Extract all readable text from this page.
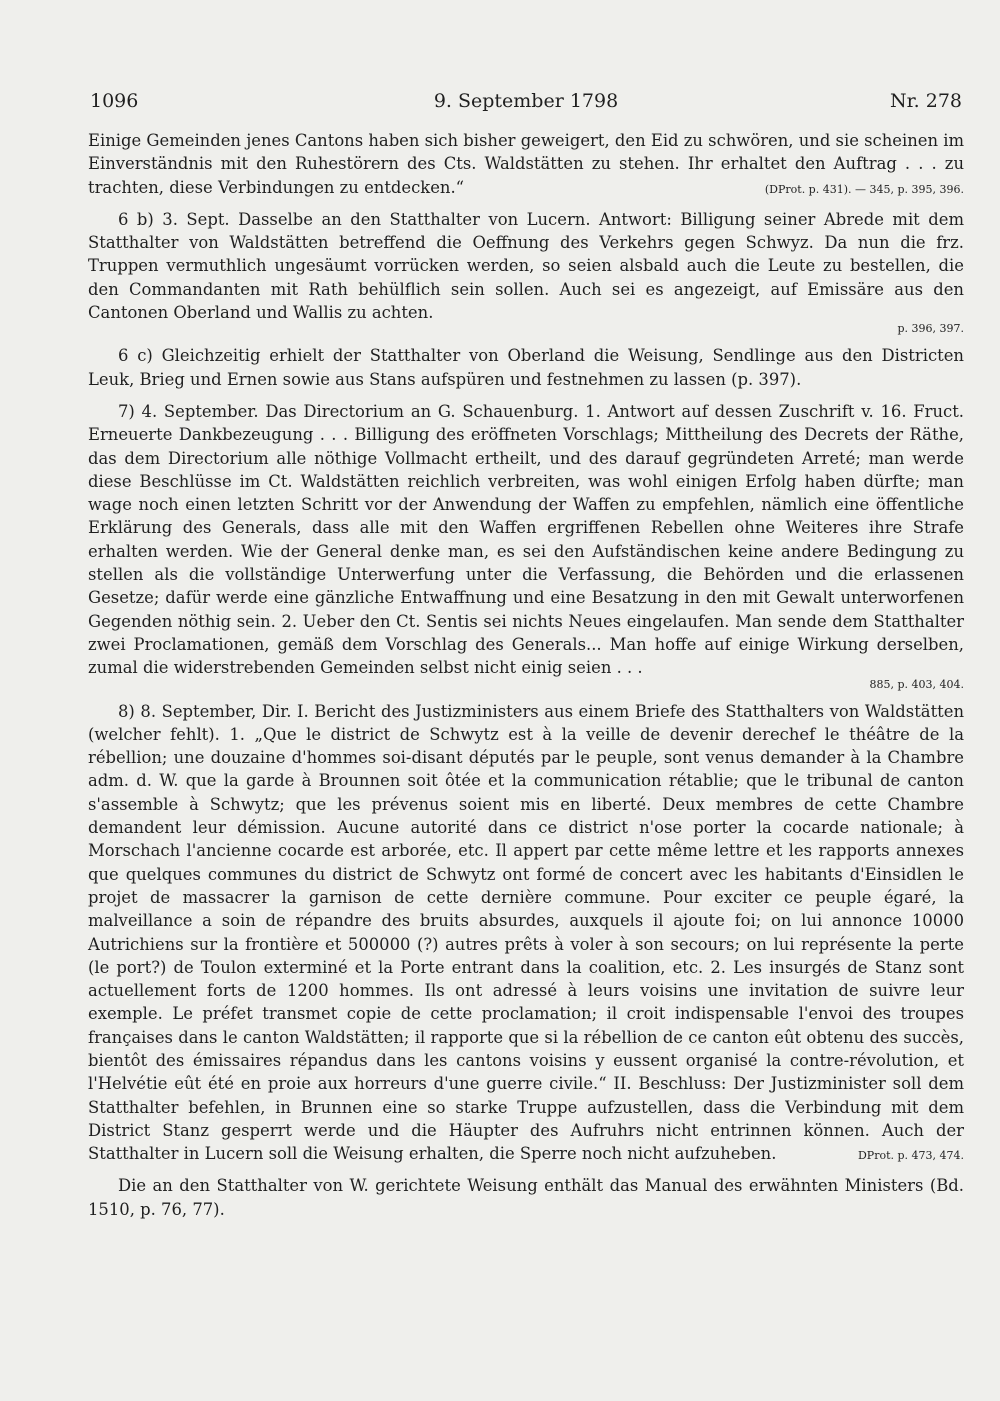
1096	9. September 1798	Nr. 278

Einige Gemeinden jenes Cantons haben sich bisher geweigert, den Eid zu schwören, und sie scheinen im Einverständnis mit den Ruhestörern des Cts. Waldstätten zu stehen. Ihr erhaltet den Auftrag . . . zu trachten, diese Verbindungen zu entdecken.“	(DProt. p. 431). — 345, p. 395, 396.

6 b) 3. Sept. Dasselbe an den Statthalter von Lucern. Antwort: Billigung seiner Abrede mit dem Statthalter von Waldstätten betreffend die Oeffnung des Verkehrs gegen Schwyz. Da nun die frz. Truppen vermuthlich ungesäumt vorrücken werden, so seien alsbald auch die Leute zu bestellen, die den Commandanten mit Rath behülflich sein sollen. Auch sei es angezeigt, auf Emissäre aus den Cantonen Oberland und Wallis zu achten.
p. 396, 397.

6 c) Gleichzeitig erhielt der Statthalter von Oberland die Weisung, Sendlinge aus den Districten Leuk, Brieg und Ernen sowie aus Stans aufspüren und festnehmen zu lassen (p. 397).

7) 4. September. Das Directorium an G. Schauenburg. 1. Antwort auf dessen Zuschrift v. 16. Fruct. Erneuerte Dankbezeugung . . . Billigung des eröffneten Vorschlags; Mittheilung des Decrets der Räthe, das dem Directorium alle nöthige Vollmacht ertheilt, und des darauf gegründeten Arreté; man werde diese Beschlüsse im Ct. Waldstätten reichlich verbreiten, was wohl einigen Erfolg haben dürfte; man wage noch einen letzten Schritt vor der Anwendung der Waffen zu empfehlen, nämlich eine öffentliche Erklärung des Generals, dass alle mit den Waffen ergriffenen Rebellen ohne Weiteres ihre Strafe erhalten werden. Wie der General denke man, es sei den Aufständischen keine andere Bedingung zu stellen als die vollständige Unterwerfung unter die Verfassung, die Behörden und die erlassenen Gesetze; dafür werde eine gänzliche Entwaffnung und eine Besatzung in den mit Gewalt unterworfenen Gegenden nöthig sein. 2. Ueber den Ct. Sentis sei nichts Neues eingelaufen. Man sende dem Statthalter zwei Proclamationen, gemäß dem Vorschlag des Generals... Man hoffe auf einige Wirkung derselben, zumal die widerstrebenden Gemeinden selbst nicht einig seien . . .
885, p. 403, 404.

8) 8. September, Dir. I. Bericht des Justizministers aus einem Briefe des Statthalters von Waldstätten (welcher fehlt). 1. „Que le district de Schwytz est à la veille de devenir derechef le théâtre de la rébellion; une douzaine d'hommes soi-disant députés par le peuple, sont venus demander à la Chambre adm. d. W. que la garde à Brounnen soit ôtée et la communication rétablie; que le tribunal de canton s'assemble à Schwytz; que les prévenus soient mis en liberté. Deux membres de cette Chambre demandent leur démission. Aucune autorité dans ce district n'ose porter la cocarde nationale; à Morschach l'ancienne cocarde est arborée, etc. Il appert par cette même lettre et les rapports annexes que quelques communes du district de Schwytz ont formé de concert avec les habitants d'Einsidlen le projet de massacrer la garnison de cette dernière commune. Pour exciter ce peuple égaré, la malveillance a soin de répandre des bruits absurdes, auxquels il ajoute foi; on lui annonce 10000 Autrichiens sur la frontière et 500000 (?) autres prêts à voler à son secours; on lui représente la perte (le port?) de Toulon exterminé et la Porte entrant dans la coalition, etc. 2. Les insurgés de Stanz sont actuellement forts de 1200 hommes. Ils ont adressé à leurs voisins une invitation de suivre leur exemple. Le préfet transmet copie de cette proclamation; il croit indispensable l'envoi des troupes françaises dans le canton Waldstätten; il rapporte que si la rébellion de ce canton eût obtenu des succès, bientôt des émissaires répandus dans les cantons voisins y eussent organisé la contre-révolution, et l'Helvétie eût été en proie aux horreurs d'une guerre civile.“ II. Beschluss: Der Justizminister soll dem Statthalter befehlen, in Brunnen eine so starke Truppe aufzustellen, dass die Verbindung mit dem District Stanz gesperrt werde und die Häupter des Aufruhrs nicht entrinnen können. Auch der Statthalter in Lucern soll die Weisung erhalten, die Sperre noch nicht aufzuheben.	DProt. p. 473, 474.

Die an den Statthalter von W. gerichtete Weisung enthält das Manual des erwähnten Ministers (Bd. 1510, p. 76, 77).
